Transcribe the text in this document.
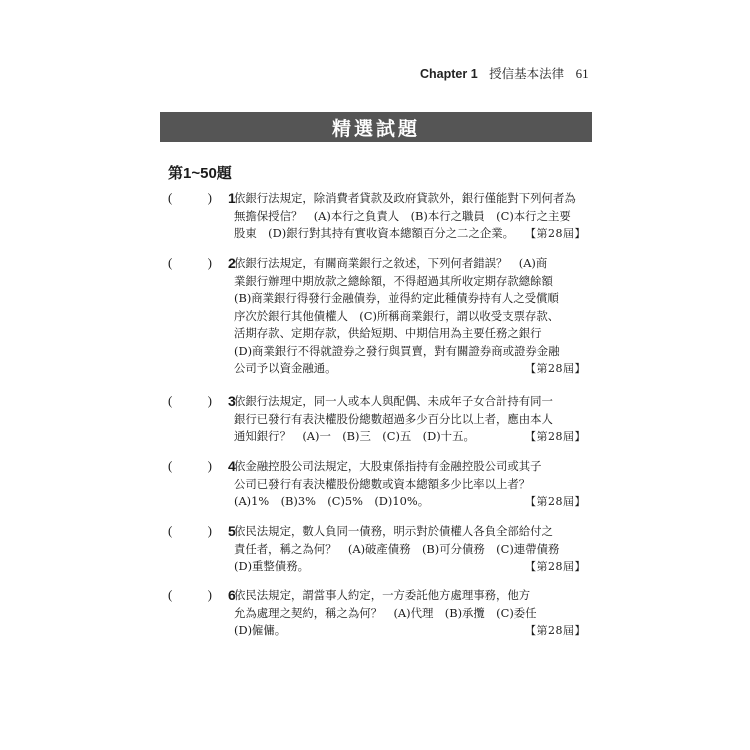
Chapter 1 授信基本法律 61
精選試題
第1~50題
(	) 1
依銀行法規定，除消費者貸款及政府貸款外，銀行僅能對下列何者為
無擔保授信？　(A)本行之負責人　(B)本行之職員　(C)本行之主要
股東　(D)銀行對其持有實收資本總額百分之二之企業。 【第28屆】
(	) 2
依銀行法規定，有關商業銀行之敘述，下列何者錯誤？　(A)商
業銀行辦理中期放款之總餘額，不得超過其所收定期存款總餘額
(B)商業銀行得發行金融債券，並得約定此種債券持有人之受償順
序次於銀行其他債權人　(C)所稱商業銀行，謂以收受支票存款、
活期存款、定期存款，供給短期、中期信用為主要任務之銀行
(D)商業銀行不得就證券之發行與買賣，對有關證券商或證券金融
公司予以資金融通。	【第28屆】
(	) 3
依銀行法規定，同一人或本人與配偶、未成年子女合計持有同一
銀行已發行有表決權股份總數超過多少百分比以上者，應由本人
通知銀行？　(A)一　(B)三　(C)五　(D)十五。	【第28屆】
(	) 4
依金融控股公司法規定，大股東係指持有金融控股公司或其子
公司已發行有表決權股份總數或資本總額多少比率以上者？
(A)1%　(B)3%　(C)5%　(D)10%。	【第28屆】
(	) 5
依民法規定，數人負同一債務，明示對於債權人各負全部給付之
責任者，稱之為何？　(A)破產債務　(B)可分債務　(C)連帶債務
(D)重整債務。	【第28屆】
(	) 6
依民法規定，謂當事人約定，一方委託他方處理事務，他方
允為處理之契約，稱之為何？　(A)代理　(B)承攬　(C)委任
(D)僱傭。	【第28屆】
